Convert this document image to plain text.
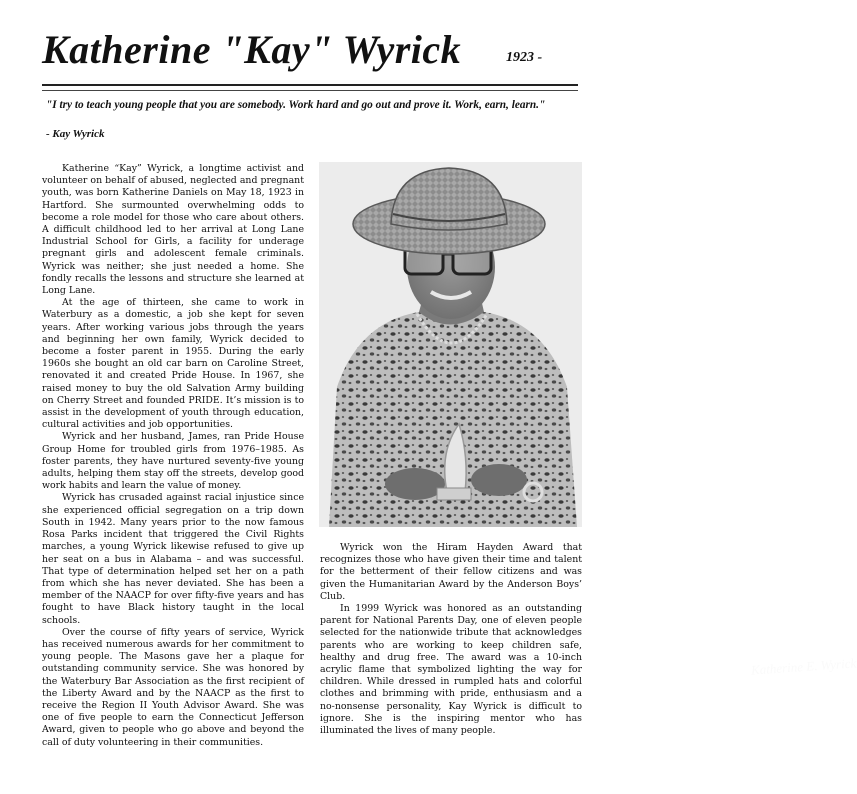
Katherine "Kay" Wyrick	1923 -
"I try to teach young people that you are somebody. Work hard and go out and prove it. Work, earn, learn."
- Kay Wyrick

Katherine “Kay” Wyrick, a longtime activist and volunteer on behalf of abused, neglected and pregnant youth, was born Katherine Daniels on May 18, 1923 in Hartford. She surmounted overwhelming odds to become a role model for those who care about others. A difficult childhood led to her arrival at Long Lane Industrial School for Girls, a facility for underage pregnant girls and adolescent female criminals. Wyrick was neither; she just needed a home. She fondly recalls the lessons and structure she learned at Long Lane.

At the age of thirteen, she came to work in Waterbury as a domestic, a job she kept for seven years. After working various jobs through the years and beginning her own family, Wyrick decided to become a foster parent in 1955. During the early 1960s she bought an old car barn on Caroline Street, renovated it and created Pride House. In 1967, she raised money to buy the old Salvation Army building on Cherry Street and founded PRIDE. It’s mission is to assist in the development of youth through education, cultural activities and job opportunities.

Wyrick and her husband, James, ran Pride House Group Home for troubled girls from 1976–1985. As foster parents, they have nurtured seventy-five young adults, helping them stay off the streets, develop good work habits and learn the value of money.

Wyrick has crusaded against racial injustice since she experienced official segregation on a trip down South in 1942. Many years prior to the now famous Rosa Parks incident that triggered the Civil Rights marches, a young Wyrick likewise refused to give up her seat on a bus in Alabama – and was successful. That type of determination helped set her on a path from which she has never deviated. She has been a member of the NAACP for over fifty-five years and has fought to have Black history taught in the local schools.

Over the course of fifty years of service, Wyrick has received numerous awards for her commitment to young people. The Masons gave her a plaque for outstanding community service. She was honored by the Waterbury Bar Association as the first recipient of the Liberty Award and by the NAACP as the first to receive the Region II Youth Advisor Award. She was one of five people to earn the Connecticut Jefferson Award, given to people who go above and beyond the call of duty volunteering in their communities.

Katherine E. Wyrick

Wyrick won the Hiram Hayden Award that recognizes those who have given their time and talent for the betterment of their fellow citizens and was given the Humanitarian Award by the Anderson Boys’ Club.

In 1999 Wyrick was honored as an outstanding parent for National Parents Day, one of eleven people selected for the nationwide tribute that acknowledges parents who are working to keep children safe, healthy and drug free. The award was a 10-inch acrylic flame that symbolized lighting the way for children. While dressed in rumpled hats and colorful clothes and brimming with pride, enthusiasm and a no-nonsense personality, Kay Wyrick is difficult to ignore. She is the inspiring mentor who has illuminated the lives of many people.
